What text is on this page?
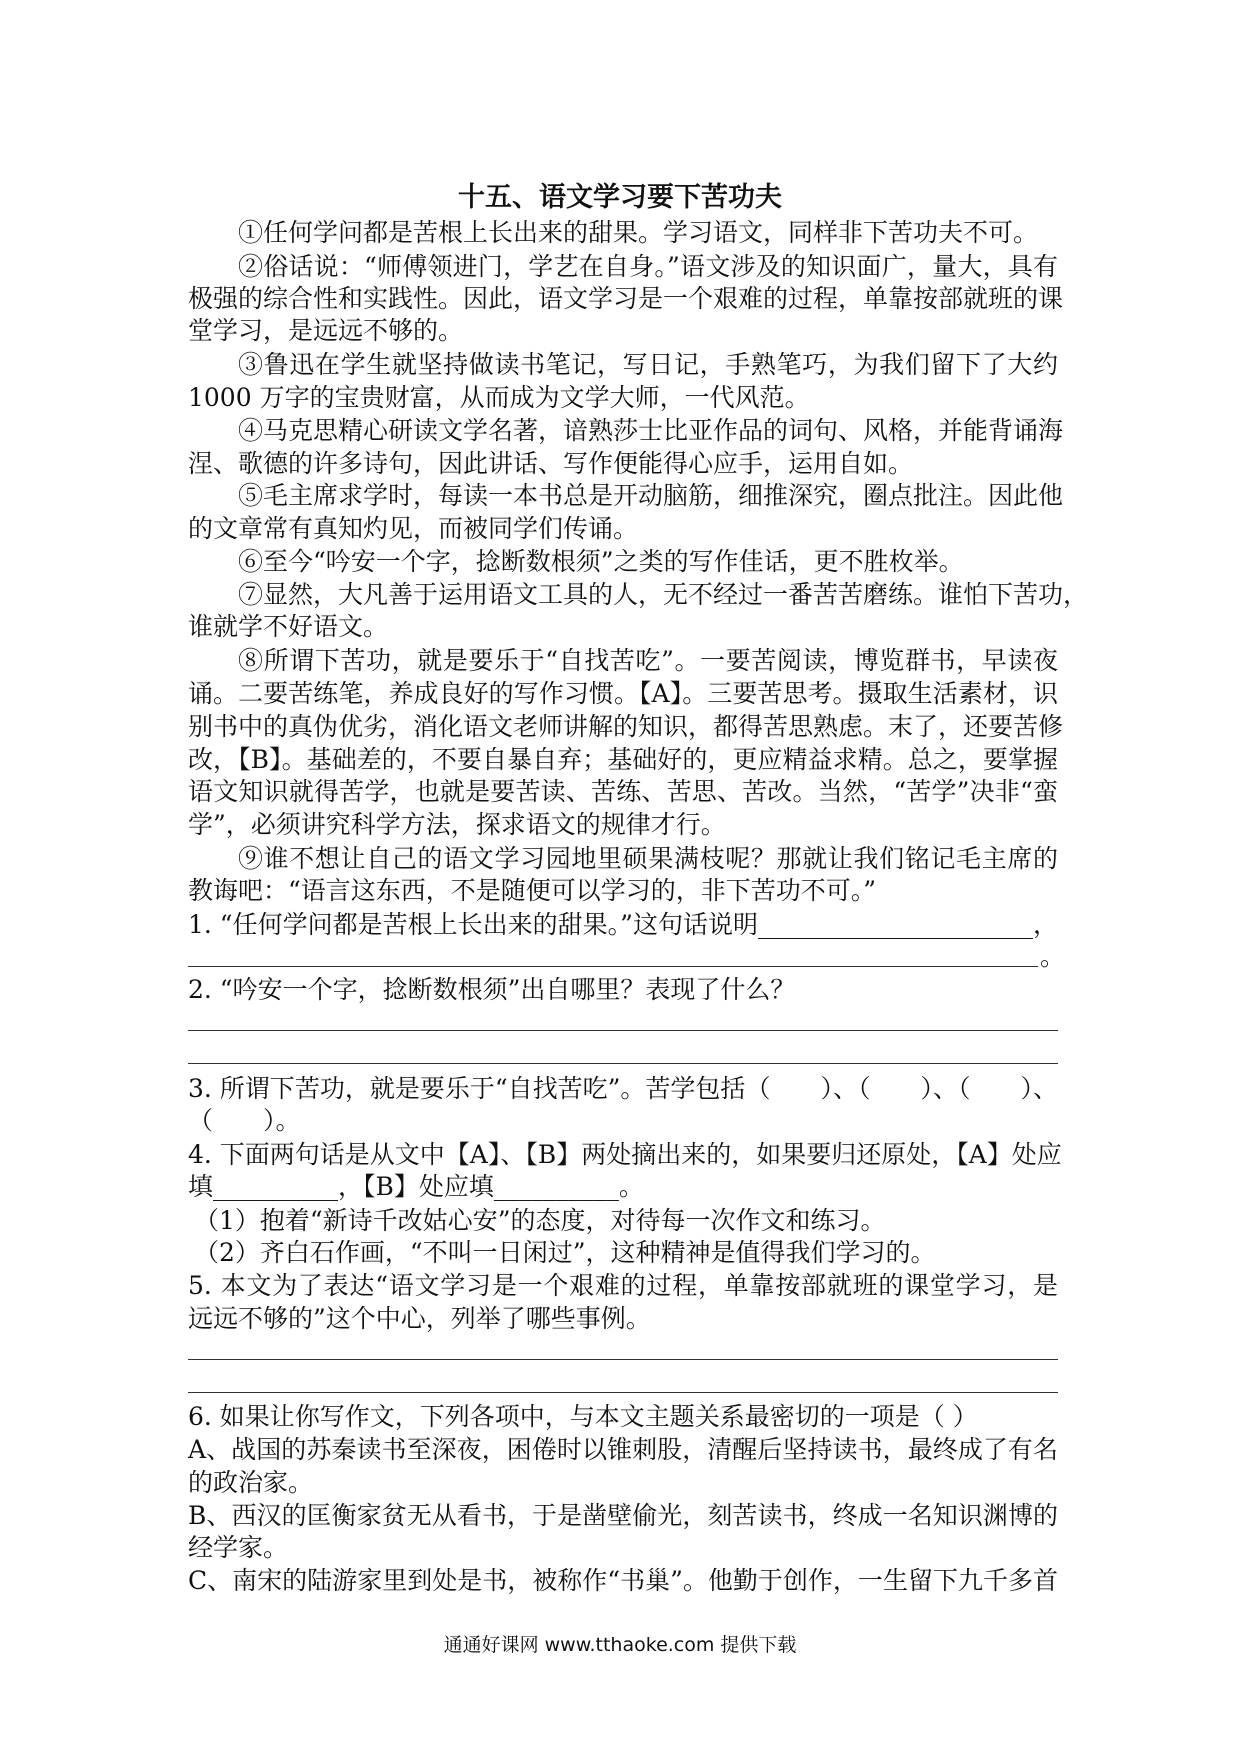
十五、语文学习要下苦功夫
①任何学问都是苦根上长出来的甜果。学习语文，同样非下苦功夫不可。
②俗话说：“师傅领进门，学艺在自身。”语文涉及的知识面广，量大，具有
极强的综合性和实践性。因此，语文学习是一个艰难的过程，单靠按部就班的课
堂学习，是远远不够的。
③鲁迅在学生就坚持做读书笔记，写日记，手熟笔巧，为我们留下了大约
1000 万字的宝贵财富，从而成为文学大师，一代风范。
④马克思精心研读文学名著，谙熟莎士比亚作品的词句、风格，并能背诵海
涅、歌德的许多诗句，因此讲话、写作便能得心应手，运用自如。
⑤毛主席求学时，每读一本书总是开动脑筋，细推深究，圈点批注。因此他
的文章常有真知灼见，而被同学们传诵。
⑥至今“吟安一个字，捻断数根须”之类的写作佳话，更不胜枚举。
⑦显然，大凡善于运用语文工具的人，无不经过一番苦苦磨练。谁怕下苦功，
谁就学不好语文。
⑧所谓下苦功，就是要乐于“自找苦吃”。一要苦阅读，博览群书，早读夜
诵。二要苦练笔，养成良好的写作习惯。【A】。三要苦思考。摄取生活素材，识
别书中的真伪优劣，消化语文老师讲解的知识，都得苦思熟虑。末了，还要苦修
改，【B】。基础差的，不要自暴自弃；基础好的，更应精益求精。总之，要掌握
语文知识就得苦学，也就是要苦读、苦练、苦思、苦改。当然，“苦学”决非“蛮
学”，必须讲究科学方法，探求语文的规律才行。
⑨谁不想让自己的语文学习园地里硕果满枝呢？那就让我们铭记毛主席的
教诲吧：“语言这东西，不是随便可以学习的，非下苦功不可。”
1. “任何学问都是苦根上长出来的甜果。”这句话说明______________________，
。
2. “吟安一个字，捻断数根须”出自哪里？表现了什么？
3. 所谓下苦功，就是要乐于“自找苦吃”。苦学包括（　　）、（　　）、（　　）、
（　　）。
4. 下面两句话是从文中【A】、【B】两处摘出来的，如果要归还原处，【A】处应
填__________，【B】处应填__________。
（1）抱着“新诗千改姑心安”的态度，对待每一次作文和练习。
（2）齐白石作画，“不叫一日闲过”，这种精神是值得我们学习的。
5. 本文为了表达“语文学习是一个艰难的过程，单靠按部就班的课堂学习，是
远远不够的”这个中心，列举了哪些事例。
6. 如果让你写作文，下列各项中，与本文主题关系最密切的一项是（ ）
A、战国的苏秦读书至深夜，困倦时以锥刺股，清醒后坚持读书，最终成了有名
的政治家。
B、西汉的匡衡家贫无从看书，于是凿壁偷光，刻苦读书，终成一名知识渊博的
经学家。
C、南宋的陆游家里到处是书，被称作“书巢”。他勤于创作，一生留下九千多首
通通好课网 www.tthaoke.com 提供下载
